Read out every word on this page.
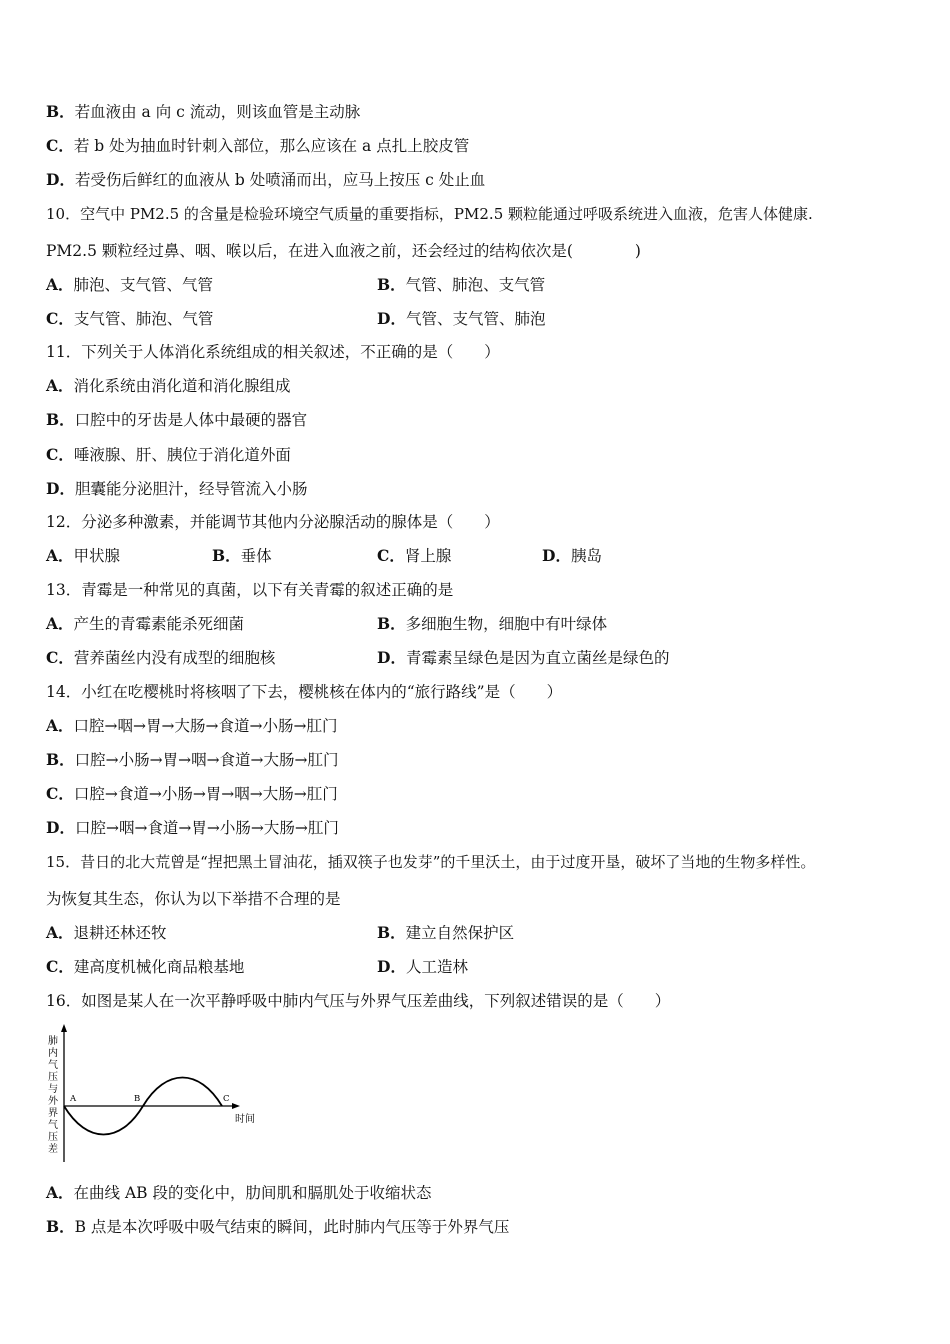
B．若血液由 a 向 c 流动，则该血管是主动脉
C．若 b 处为抽血时针刺入部位，那么应该在 a 点扎上胶皮管
D．若受伤后鲜红的血液从 b 处喷涌而出，应马上按压 c 处止血
10．空气中 PM2.5 的含量是检验环境空气质量的重要指标，PM2.5 颗粒能通过呼吸系统进入血液，危害人体健康.
PM2.5 颗粒经过鼻、咽、喉以后，在进入血液之前，还会经过的结构依次是(　　　　)
A．肺泡、支气管、气管	B．气管、肺泡、支气管
C．支气管、肺泡、气管	D．气管、支气管、肺泡
11．下列关于人体消化系统组成的相关叙述，不正确的是（　　）
A．消化系统由消化道和消化腺组成
B．口腔中的牙齿是人体中最硬的器官
C．唾液腺、肝、胰位于消化道外面
D．胆囊能分泌胆汁，经导管流入小肠
12．分泌多种激素，并能调节其他内分泌腺活动的腺体是（　　）
A．甲状腺	B．垂体	C．肾上腺	D．胰岛
13．青霉是一种常见的真菌，以下有关青霉的叙述正确的是
A．产生的青霉素能杀死细菌	B．多细胞生物，细胞中有叶绿体
C．营养菌丝内没有成型的细胞核	D．青霉素呈绿色是因为直立菌丝是绿色的
14．小红在吃樱桃时将核咽了下去，樱桃核在体内的“旅行路线”是（　　）
A．口腔→咽→胃→大肠→食道→小肠→肛门
B．口腔→小肠→胃→咽→食道→大肠→肛门
C．口腔→食道→小肠→胃→咽→大肠→肛门
D．口腔→咽→食道→胃→小肠→大肠→肛门
15．昔日的北大荒曾是“捏把黑土冒油花，插双筷子也发芽”的千里沃土，由于过度开垦，破坏了当地的生物多样性。
为恢复其生态，你认为以下举措不合理的是
A．退耕还林还牧	B．建立自然保护区
C．建高度机械化商品粮基地	D．人工造林
16．如图是某人在一次平静呼吸中肺内气压与外界气压差曲线，下列叙述错误的是（　　）
A	B	C
时间
肺
内
气
压
与
外
界
气
压
差
A．在曲线 AB 段的变化中，肋间肌和膈肌处于收缩状态
B．B 点是本次呼吸中吸气结束的瞬间，此时肺内气压等于外界气压
